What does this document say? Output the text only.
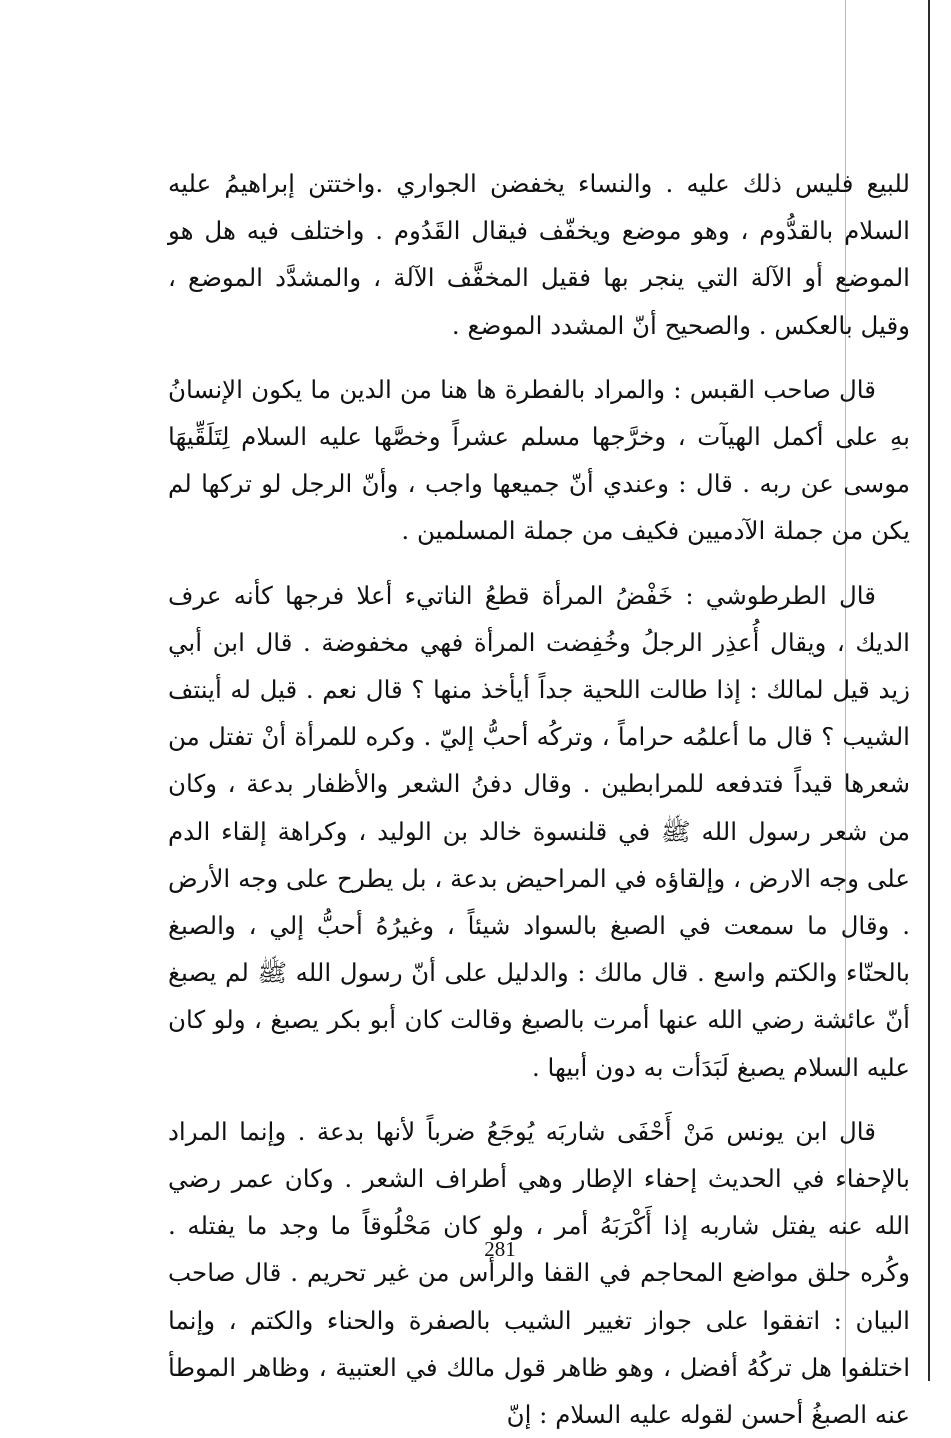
للبيع فليس ذلك عليه . والنساء يخفضن الجواري .واختتن إبراهيمُ عليه السلام بالقدُّوم ، وهو موضع ويخفّف فيقال القَدُوم . واختلف فيه هل هو الموضع أو الآلة التي ينجر بها فقيل المخفَّف الآلة ، والمشدَّد الموضع ، وقيل بالعكس . والصحيح أنّ المشدد الموضع .

قال صاحب القبس : والمراد بالفطرة ها هنا من الدين ما يكون الإنسانُ بهِ على أكمل الهيآت ، وخرَّجها مسلم عشراً وخصَّها عليه السلام لِتَلَقِّيهَا موسى عن ربه . قال : وعندي أنّ جميعها واجب ، وأنّ الرجل لو تركها لم يكن من جملة الآدميين فكيف من جملة المسلمين .

قال الطرطوشي : خَفْضُ المرأة قطعُ الناتيء أعلا فرجها كأنه عرف الديك ، ويقال أُعذِر الرجلُ وخُفِضت المرأة فهي مخفوضة . قال ابن أبي زيد قيل لمالك : إذا طالت اللحية جداً أيأخذ منها ؟ قال نعم . قيل له أينتف الشيب ؟ قال ما أعلمُه حراماً ، وتركُه أحبُّ إليّ . وكره للمرأة أنْ تفتل من شعرها قيداً فتدفعه للمرابطين . وقال دفنُ الشعر والأظفار بدعة ، وكان من شعر رسول الله ﷺ في قلنسوة خالد بن الوليد ، وكراهة إلقاء الدم على وجه الارض ، وإلقاؤه في المراحيض بدعة ، بل يطرح على وجه الأرض . وقال ما سمعت في الصبغ بالسواد شيئاً ، وغيرُهُ أحبُّ إلي ، والصبغ بالحنّاء والكتم واسع . قال مالك : والدليل على أنّ رسول الله ﷺ لم يصبغ أنّ عائشة رضي الله عنها أمرت بالصبغ وقالت كان أبو بكر يصبغ ، ولو كان عليه السلام يصبغ لَبَدَأت به دون أبيها .

قال ابن يونس مَنْ أَحْفَى شاربَه يُوجَعُ ضرباً لأنها بدعة . وإنما المراد بالإحفاء في الحديث إحفاء الإطار وهي أطراف الشعر . وكان عمر رضي الله عنه يفتل شاربه إذا أَكْرَبَهُ أمر ، ولو كان مَحْلُوقاً ما وجد ما يفتله . وكُره حلق مواضع المحاجم في القفا والرأس من غير تحريم . قال صاحب البيان : اتفقوا على جواز تغيير الشيب بالصفرة والحناء والكتم ، وإنما اختلفوا هل تركُهُ أفضل ، وهو ظاهر قول مالك في العتبية ، وظاهر الموطأ عنه الصبغُ أحسن لقوله عليه السلام : إنّ

281
